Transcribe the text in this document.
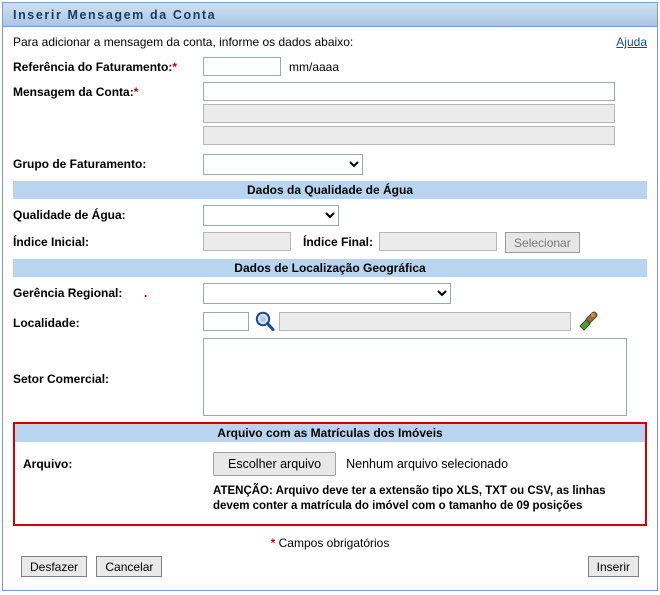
Inserir Mensagem da Conta
Para adicionar a mensagem da conta, informe os dados abaixo:	Ajuda
Referência do Faturamento:*	mm/aaaa
Mensagem da Conta:*
Grupo de Faturamento:
Dados da Qualidade de Água
Qualidade de Água:
Índice Inicial:	Índice Final:	Selecionar
Dados de Localização Geográfica
Gerência Regional:      .
Localidade:
Setor Comercial:
Arquivo com as Matrículas dos Imóveis
Arquivo:	Escolher arquivo	Nenhum arquivo selecionado
ATENÇÃO: Arquivo deve ter a extensão tipo XLS, TXT ou CSV, as linhas devem conter a matrícula do imóvel com o tamanho de 09 posições
* Campos obrigatórios
Desfazer Cancelar	Inserir
